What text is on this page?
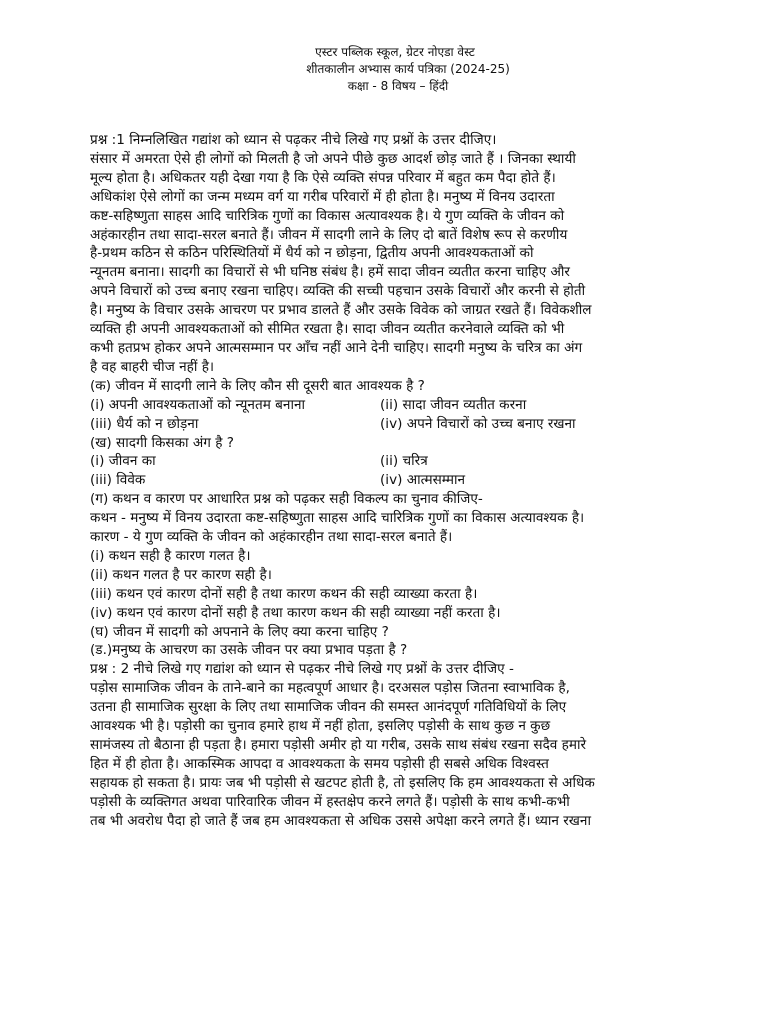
एस्टर पब्लिक स्कूल, ग्रेटर नोएडा वेस्ट
शीतकालीन अभ्यास कार्य पत्रिका (2024-25)
कक्षा - 8 विषय – हिंदी
प्रश्न :1 निम्नलिखित गद्यांश को ध्यान से पढ़कर नीचे लिखे गए प्रश्नों के उत्तर दीजिए।
संसार में अमरता ऐसे ही लोगों को मिलती है जो अपने पीछे कुछ आदर्श छोड़ जाते हैं । जिनका स्थायी
मूल्य होता है। अधिकतर यही देखा गया है कि ऐसे व्यक्ति संपन्न परिवार में बहुत कम पैदा होते हैं।
अधिकांश ऐसे लोगों का जन्म मध्यम वर्ग या गरीब परिवारों में ही होता है। मनुष्य में विनय उदारता
कष्ट-सहिष्णुता साहस आदि चारित्रिक गुणों का विकास अत्यावश्यक है। ये गुण व्यक्ति के जीवन को
अहंकारहीन तथा सादा-सरल बनाते हैं। जीवन में सादगी लाने के लिए दो बातें विशेष रूप से करणीय
है-प्रथम कठिन से कठिन परिस्थितियों में धैर्य को न छोड़ना, द्वितीय अपनी आवश्यकताओं को
न्यूनतम बनाना। सादगी का विचारों से भी घनिष्ठ संबंध है। हमें सादा जीवन व्यतीत करना चाहिए और
अपने विचारों को उच्च बनाए रखना चाहिए। व्यक्ति की सच्ची पहचान उसके विचारों और करनी से होती
है। मनुष्य के विचार उसके आचरण पर प्रभाव डालते हैं और उसके विवेक को जाग्रत रखते हैं। विवेकशील
व्यक्ति ही अपनी आवश्यकताओं को सीमित रखता है। सादा जीवन व्यतीत करनेवाले व्यक्ति को भी
कभी हतप्रभ होकर अपने आत्मसम्मान पर आँच नहीं आने देनी चाहिए। सादगी मनुष्य के चरित्र का अंग
है वह बाहरी चीज नहीं है।
(क) जीवन में सादगी लाने के लिए कौन सी दूसरी बात आवश्यक है ?
(i) अपनी आवश्यकताओं को न्यूनतम बनाना	(ii) सादा जीवन व्यतीत करना
(iii) धैर्य को न छोड़ना	(iv) अपने विचारों को उच्च बनाए रखना
(ख) सादगी किसका अंग है ?
(i) जीवन का	(ii) चरित्र
(iii) विवेक	(iv) आत्मसम्मान
(ग) कथन व कारण पर आधारित प्रश्न को पढ़कर सही विकल्प का चुनाव कीजिए-
कथन - मनुष्य में विनय उदारता कष्ट-सहिष्णुता साहस आदि चारित्रिक गुणों का विकास अत्यावश्यक है।
कारण - ये गुण व्यक्ति के जीवन को अहंकारहीन तथा सादा-सरल बनाते हैं।
(i) कथन सही है कारण गलत है।
(ii) कथन गलत है पर कारण सही है।
(iii) कथन एवं कारण दोनों सही है तथा कारण कथन की सही व्याख्या करता है।
(iv) कथन एवं कारण दोनों सही है तथा कारण कथन की सही व्याख्या नहीं करता है।
(घ) जीवन में सादगी को अपनाने के लिए क्या करना चाहिए ?
(ड.)मनुष्य के आचरण का उसके जीवन पर क्या प्रभाव पड़ता है ?
प्रश्न : 2 नीचे लिखे गए गद्यांश को ध्यान से पढ़कर नीचे लिखे गए प्रश्नों के उत्तर दीजिए -
पड़ोस सामाजिक जीवन के ताने-बाने का महत्वपूर्ण आधार है। दरअसल पड़ोस जितना स्वाभाविक है,
उतना ही सामाजिक सुरक्षा के लिए तथा सामाजिक जीवन की समस्त आनंदपूर्ण गतिविधियों के लिए
आवश्यक भी है। पड़ोसी का चुनाव हमारे हाथ में नहीं होता, इसलिए पड़ोसी के साथ कुछ न कुछ
सामंजस्य तो बैठाना ही पड़ता है। हमारा पड़ोसी अमीर हो या गरीब, उसके साथ संबंध रखना सदैव हमारे
हित में ही होता है। आकस्मिक आपदा व आवश्यकता के समय पड़ोसी ही सबसे अधिक विश्वस्त
सहायक हो सकता है। प्रायः जब भी पड़ोसी से खटपट होती है, तो इसलिए कि हम आवश्यकता से अधिक
पड़ोसी के व्यक्तिगत अथवा पारिवारिक जीवन में हस्तक्षेप करने लगते हैं। पड़ोसी के साथ कभी-कभी
तब भी अवरोध पैदा हो जाते हैं जब हम आवश्यकता से अधिक उससे अपेक्षा करने लगते हैं। ध्यान रखना
